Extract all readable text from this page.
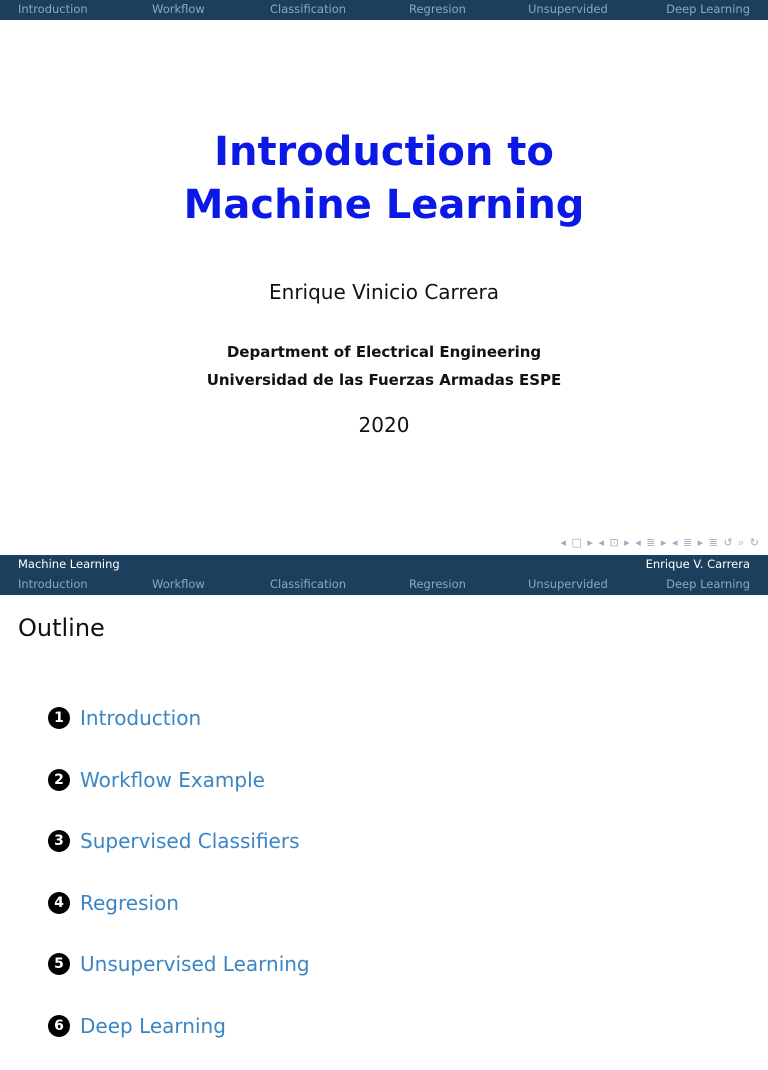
Introduction	Workflow	Classification	Regresion	Unsupervided	Deep Learning
Introduction to
Machine Learning
Enrique Vinicio Carrera
Department of Electrical Engineering
Universidad de las Fuerzas Armadas ESPE
2020
◂ □ ▸ ◂ ⊡ ▸ ◂ ≣ ▸ ◂ ≣ ▸ ≣ ↺ ⌕ ↻
Machine Learning	Enrique V. Carrera
Introduction	Workflow	Classification	Regresion	Unsupervided	Deep Learning
Outline
1 Introduction
2 Workflow Example
3 Supervised Classifiers
4 Regresion
5 Unsupervised Learning
6 Deep Learning
